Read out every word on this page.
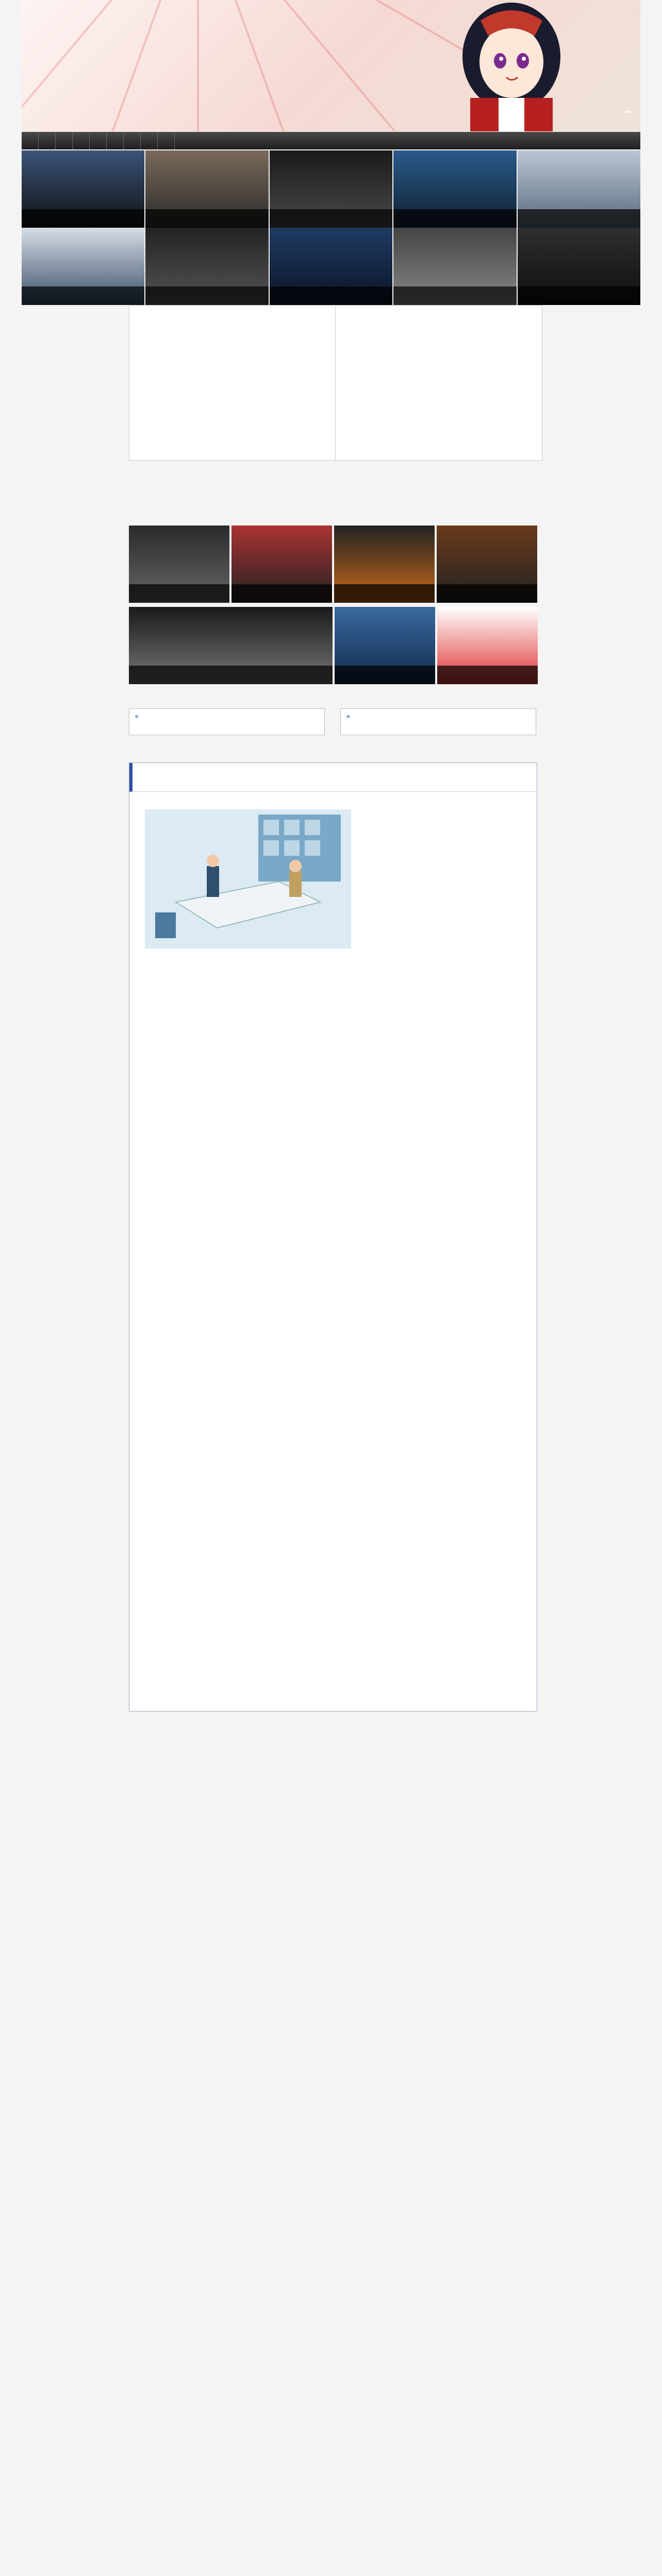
«	»
